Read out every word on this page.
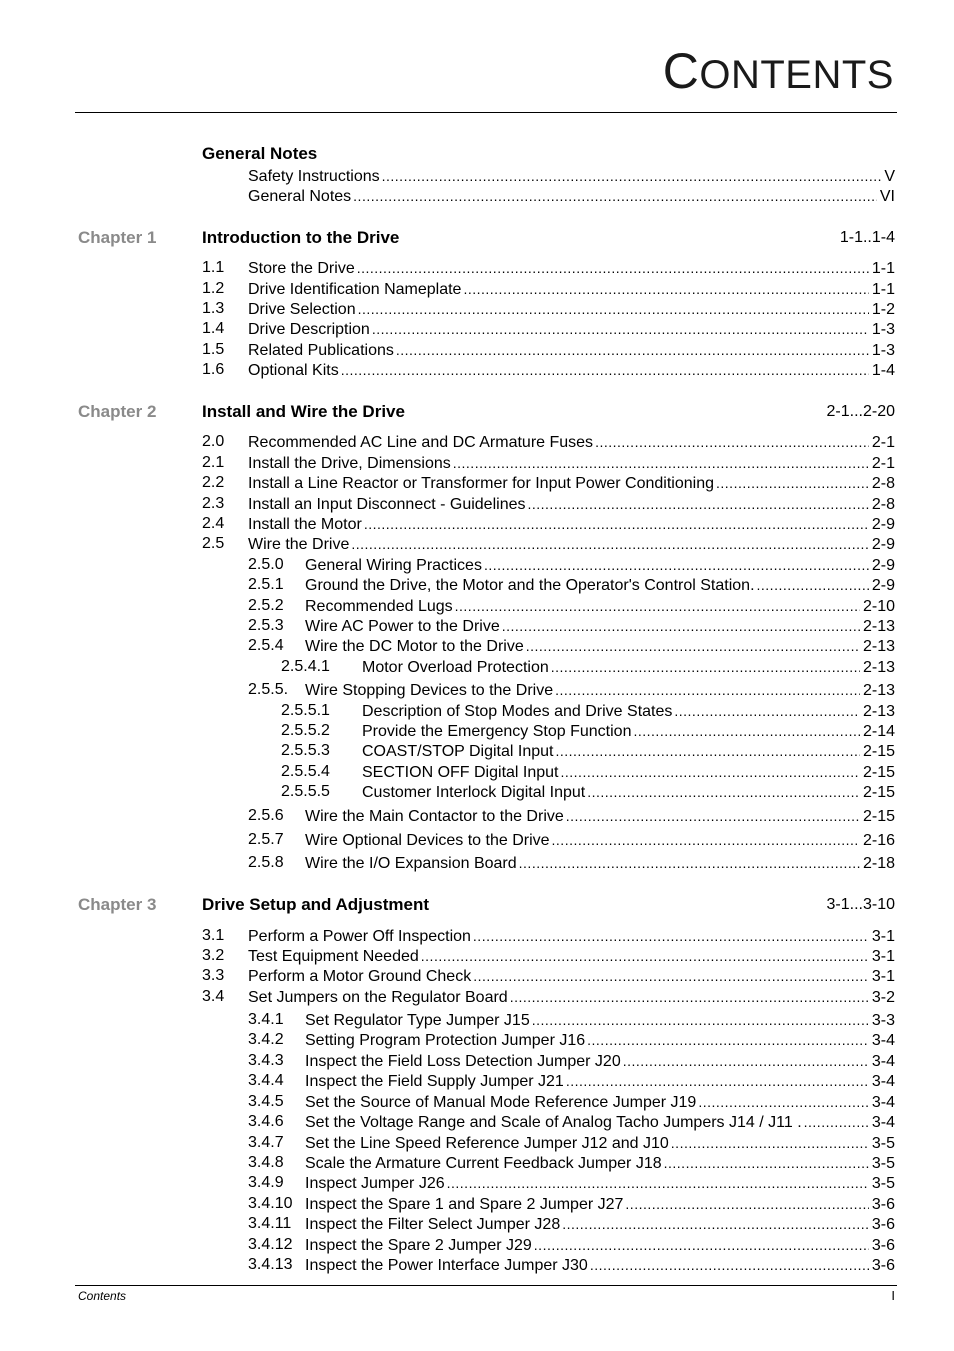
CONTENTS
General Notes
Safety Instructions .....	V
General Notes .....	VI
Chapter 1	Introduction to the Drive	1-1..1-4
1.1 Store the Drive .....	1-1
1.2 Drive Identification Nameplate .....	1-1
1.3 Drive Selection .....	1-2
1.4 Drive Description .....	1-3
1.5 Related Publications .....	1-3
1.6 Optional Kits .....	1-4
Chapter 2	Install and Wire the Drive	2-1...2-20
2.0 Recommended AC Line and DC Armature Fuses .....	2-1
2.1 Install the Drive, Dimensions .....	2-1
2.2 Install a Line Reactor or Transformer for Input Power Conditioning .....	2-8
2.3 Install an Input Disconnect - Guidelines .....	2-8
2.4 Install the Motor .....	2-9
2.5 Wire the Drive .....	2-9
2.5.0 General Wiring Practices .....	2-9
2.5.1 Ground the Drive, the Motor and the Operator's Control Station. .....	2-9
2.5.2 Recommended Lugs .....	2-10
2.5.3 Wire AC Power to the Drive .....	2-13
2.5.4 Wire the DC Motor to the Drive .....	2-13
2.5.4.1 Motor Overload Protection .....	2-13
2.5.5. Wire Stopping Devices to the Drive .....	2-13
2.5.5.1 Description of Stop Modes and Drive States .....	2-13
2.5.5.2 Provide the Emergency Stop Function .....	2-14
2.5.5.3 COAST/STOP Digital Input .....	2-15
2.5.5.4 SECTION OFF Digital Input .....	2-15
2.5.5.5 Customer Interlock Digital Input .....	2-15
2.5.6 Wire the Main Contactor to the Drive .....	2-15
2.5.7 Wire Optional Devices to the Drive .....	2-16
2.5.8 Wire the I/O Expansion Board .....	2-18
Chapter 3	Drive Setup and Adjustment	3-1...3-10
3.1 Perform a Power Off Inspection .....	3-1
3.2 Test Equipment Needed .....	3-1
3.3 Perform a Motor Ground Check .....	3-1
3.4 Set Jumpers on the Regulator Board .....	3-2
3.4.1 Set Regulator Type Jumper J15 .....	3-3
3.4.2 Setting Program Protection Jumper J16 .....	3-4
3.4.3 Inspect the Field Loss Detection Jumper J20 .....	3-4
3.4.4 Inspect the Field Supply Jumper J21 .....	3-4
3.4.5 Set the Source of Manual Mode Reference Jumper J19 .....	3-4
3.4.6 Set the Voltage Range and Scale of Analog Tacho Jumpers J14 / J11 . .....	3-4
3.4.7 Set the Line Speed Reference Jumper J12 and J10 .....	3-5
3.4.8 Scale the Armature Current Feedback Jumper J18 .....	3-5
3.4.9 Inspect Jumper J26 .....	3-5
3.4.10 Inspect the Spare 1 and Spare 2 Jumper J27 .....	3-6
3.4.11 Inspect the Filter Select Jumper J28 .....	3-6
3.4.12 Inspect the Spare 2 Jumper J29 .....	3-6
3.4.13 Inspect the Power Interface Jumper J30 .....	3-6
Contents	I
